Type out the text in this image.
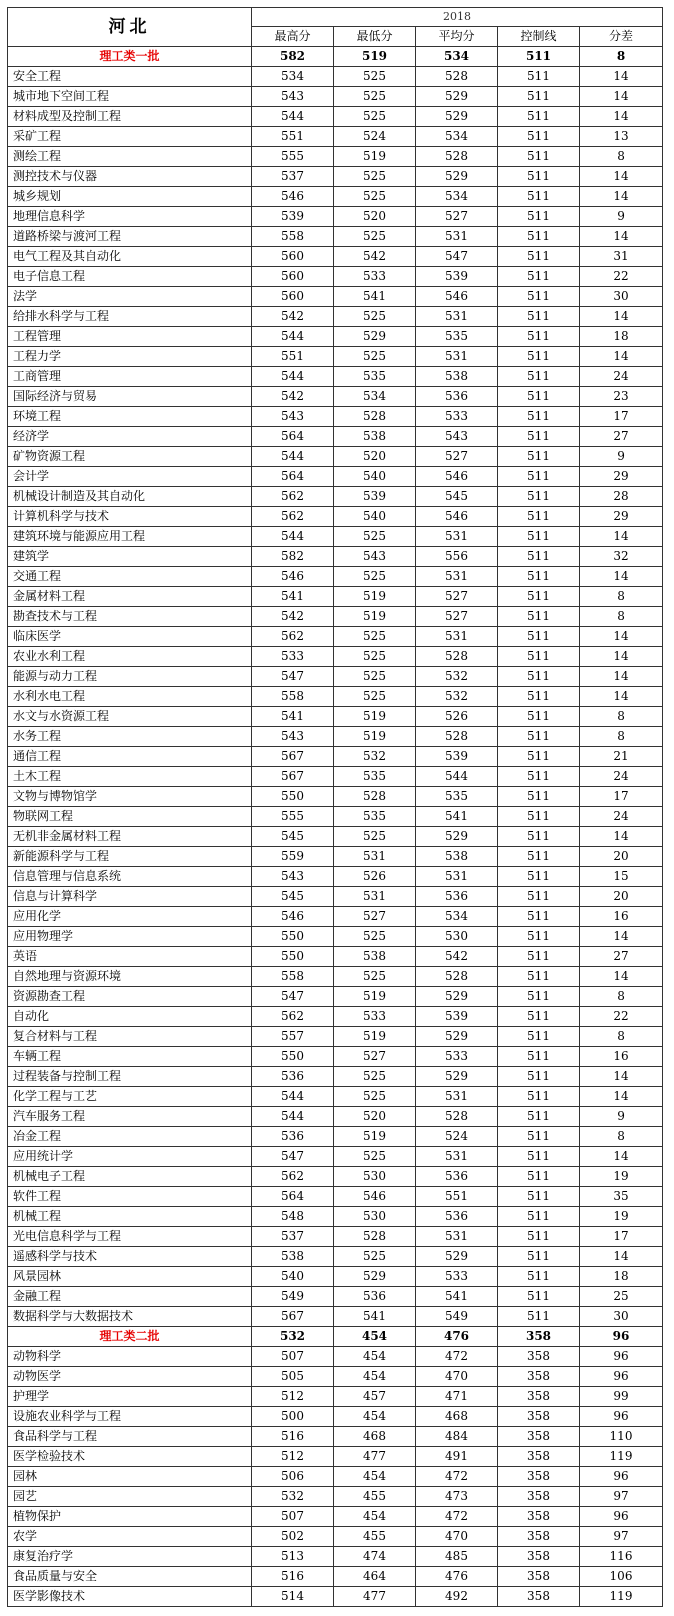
河北	2018				
	最高分	最低分	平均分	控制线	分差
理工类一批	582	519	534	511	8
安全工程	534	525	528	511	14
城市地下空间工程	543	525	529	511	14
材料成型及控制工程	544	525	529	511	14
采矿工程	551	524	534	511	13
测绘工程	555	519	528	511	8
测控技术与仪器	537	525	529	511	14
城乡规划	546	525	534	511	14
地理信息科学	539	520	527	511	9
道路桥梁与渡河工程	558	525	531	511	14
电气工程及其自动化	560	542	547	511	31
电子信息工程	560	533	539	511	22
法学	560	541	546	511	30
给排水科学与工程	542	525	531	511	14
工程管理	544	529	535	511	18
工程力学	551	525	531	511	14
工商管理	544	535	538	511	24
国际经济与贸易	542	534	536	511	23
环境工程	543	528	533	511	17
经济学	564	538	543	511	27
矿物资源工程	544	520	527	511	9
会计学	564	540	546	511	29
机械设计制造及其自动化	562	539	545	511	28
计算机科学与技术	562	540	546	511	29
建筑环境与能源应用工程	544	525	531	511	14
建筑学	582	543	556	511	32
交通工程	546	525	531	511	14
金属材料工程	541	519	527	511	8
勘查技术与工程	542	519	527	511	8
临床医学	562	525	531	511	14
农业水利工程	533	525	528	511	14
能源与动力工程	547	525	532	511	14
水利水电工程	558	525	532	511	14
水文与水资源工程	541	519	526	511	8
水务工程	543	519	528	511	8
通信工程	567	532	539	511	21
土木工程	567	535	544	511	24
文物与博物馆学	550	528	535	511	17
物联网工程	555	535	541	511	24
无机非金属材料工程	545	525	529	511	14
新能源科学与工程	559	531	538	511	20
信息管理与信息系统	543	526	531	511	15
信息与计算科学	545	531	536	511	20
应用化学	546	527	534	511	16
应用物理学	550	525	530	511	14
英语	550	538	542	511	27
自然地理与资源环境	558	525	528	511	14
资源勘查工程	547	519	529	511	8
自动化	562	533	539	511	22
复合材料与工程	557	519	529	511	8
车辆工程	550	527	533	511	16
过程装备与控制工程	536	525	529	511	14
化学工程与工艺	544	525	531	511	14
汽车服务工程	544	520	528	511	9
冶金工程	536	519	524	511	8
应用统计学	547	525	531	511	14
机械电子工程	562	530	536	511	19
软件工程	564	546	551	511	35
机械工程	548	530	536	511	19
光电信息科学与工程	537	528	531	511	17
遥感科学与技术	538	525	529	511	14
风景园林	540	529	533	511	18
金融工程	549	536	541	511	25
数据科学与大数据技术	567	541	549	511	30
理工类二批	532	454	476	358	96
动物科学	507	454	472	358	96
动物医学	505	454	470	358	96
护理学	512	457	471	358	99
设施农业科学与工程	500	454	468	358	96
食品科学与工程	516	468	484	358	110
医学检验技术	512	477	491	358	119
园林	506	454	472	358	96
园艺	532	455	473	358	97
植物保护	507	454	472	358	96
农学	502	455	470	358	97
康复治疗学	513	474	485	358	116
食品质量与安全	516	464	476	358	106
医学影像技术	514	477	492	358	119
